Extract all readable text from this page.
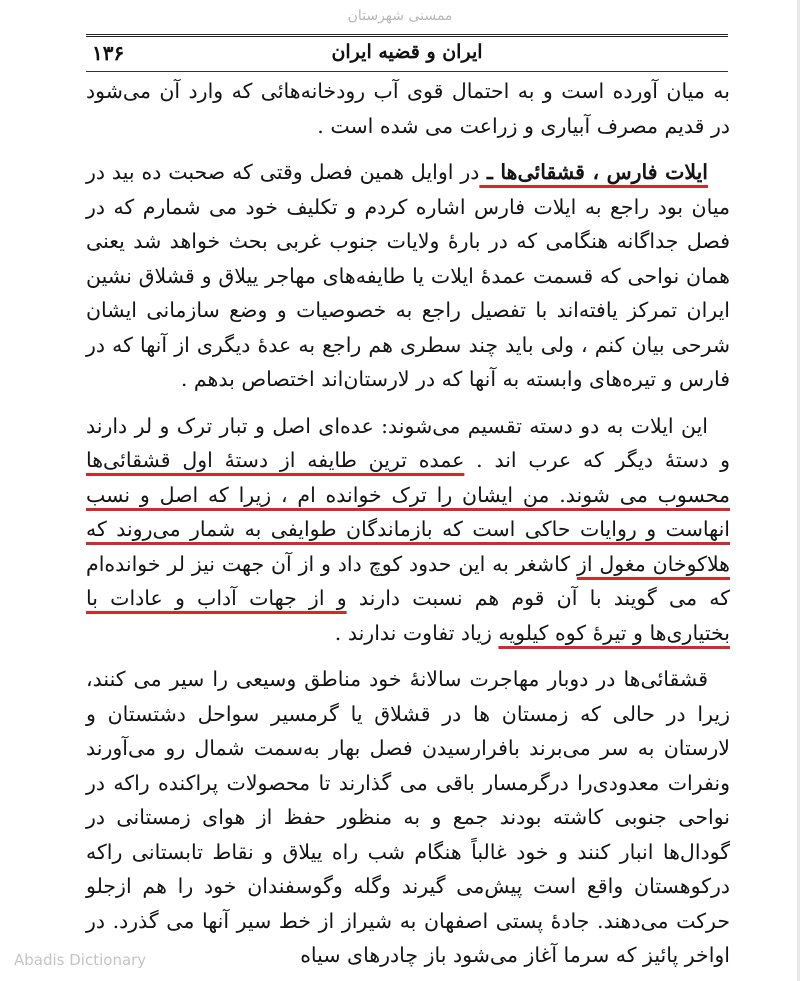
ممسنی شهرستان
۱۳۶	ایران و قضیه ایران

به میان آورده است و به احتمال قوی آب رودخانه‌هائی که وارد آن می‌شود در قدیم مصرف آبیاری و زراعت می شده است .

ایلات فارس ، قشقائی‌ها ـ در اوایل همین فصل وقتی که صحبت ده بید در میان بود راجع به ایلات فارس اشاره کردم و تکلیف خود می شمارم که در فصل جداگانه هنگامی که در بارهٔ ولایات جنوب غربی بحث خواهد شد یعنی همان نواحی که قسمت عمدهٔ ایلات یا طایفه‌های مهاجر ییلاق و قشلاق نشین ایران تمرکز یافته‌اند با تفصیل راجع به خصوصیات و وضع سازمانی ایشان شرحی بیان کنم ، ولی باید چند سطری هم راجع به عدهٔ دیگری از آنها که در فارس و تیره‌های وابسته به آنها که در لارستان‌اند اختصاص بدهم .

این ایلات به دو دسته تقسیم می‌شوند: عده‌ای اصل و تبار ترک و لر دارند و دستهٔ دیگر که عرب اند . عمده ترین طایفه از دستهٔ اول قشقائی‌ها محسوب می شوند. من ایشان را ترک خوانده ام ، زیرا که اصل و نسب انهاست و روایات حاکی است که بازماندگان طوایفی به شمار می‌روند که هلاکوخان مغول از کاشغر به این حدود کوچ داد و از آن جهت نیز لر خوانده‌ام که می گویند با آن قوم هم نسبت دارند و از جهات آداب و عادات با بختیاری‌ها و تیرهٔ کوه کیلویه زیاد تفاوت ندارند .

قشقائی‌ها در دوبار مهاجرت سالانهٔ خود مناطق وسیعی را سیر می کنند، زیرا در حالی که زمستان ها در قشلاق یا گرمسیر سواحل دشتستان و لارستان به سر می‌برند بافرارسیدن فصل بهار به‌سمت شمال رو می‌آورند ونفرات معدودی‌را درگرمسار باقی می گذارند تا محصولات پراکنده راکه در نواحی جنوبی کاشته بودند جمع و به منظور حفظ از هوای زمستانی در گودال‌ها انبار کنند و خود غالباً هنگام شب راه ییلاق و نقاط تابستانی راکه درکوهستان واقع است پیش‌می گیرند وگله وگوسفندان خود را هم ازجلو حرکت می‌دهند. جادهٔ پستی اصفهان به شیراز از خط سیر آنها می گذرد. در اواخر پائیز که سرما آغاز می‌شود باز چادرهای سیاه

Abadis Dictionary
